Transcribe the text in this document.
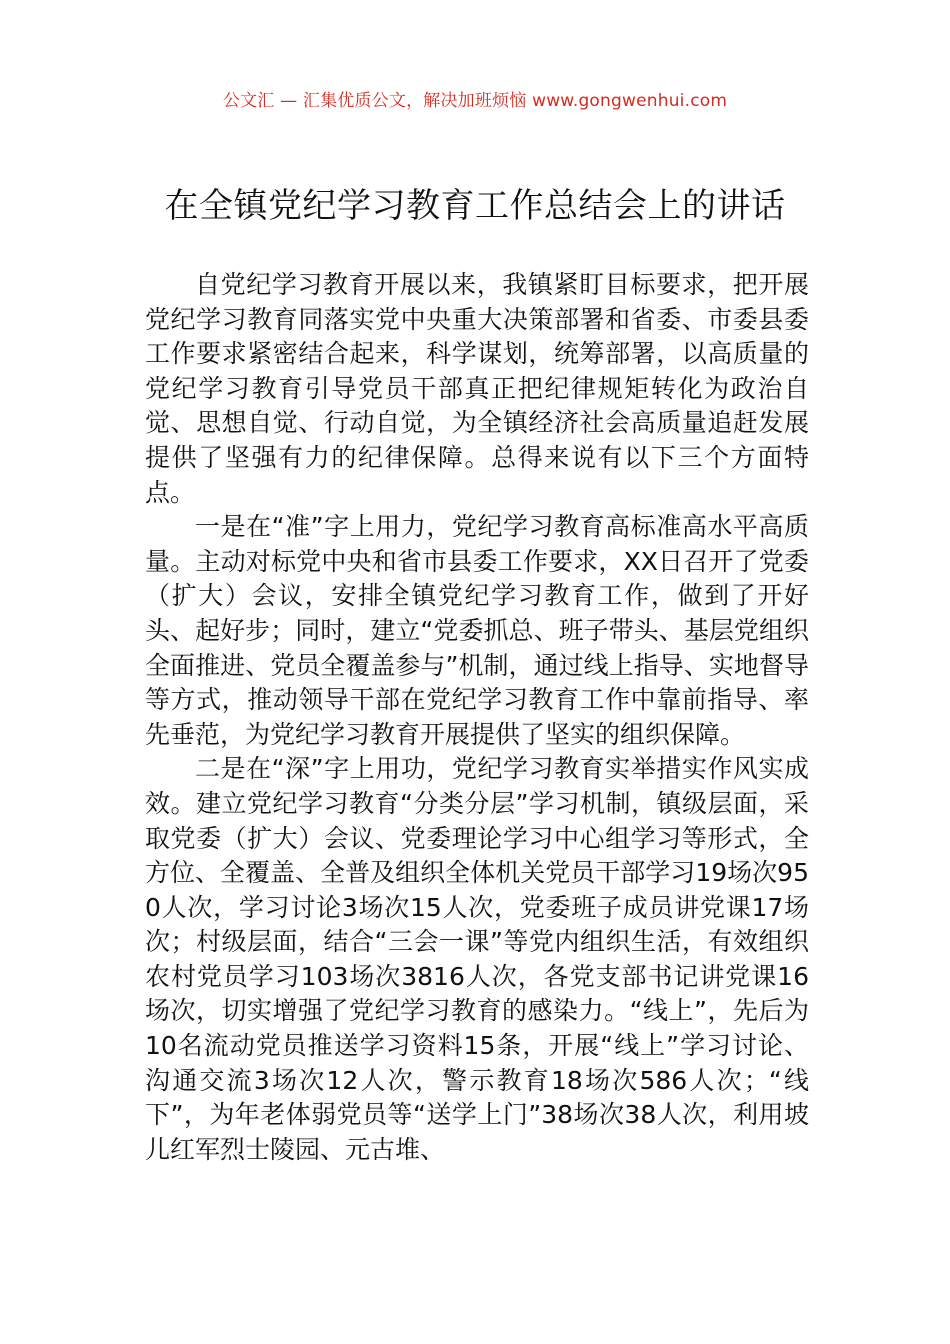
公文汇 — 汇集优质公文，解决加班烦恼 www.gongwenhui.com
在全镇党纪学习教育工作总结会上的讲话

自党纪学习教育开展以来，我镇紧盯目标要求，把开展党纪学习教育同落实党中央重大决策部署和省委、市委县委工作要求紧密结合起来，科学谋划，统筹部署，以高质量的党纪学习教育引导党员干部真正把纪律规矩转化为政治自觉、思想自觉、行动自觉，为全镇经济社会高质量追赶发展提供了坚强有力的纪律保障。总得来说有以下三个方面特点。

一是在“准”字上用力，党纪学习教育高标准高水平高质量。主动对标党中央和省市县委工作要求，XX日召开了党委（扩大）会议，安排全镇党纪学习教育工作，做到了开好头、起好步；同时，建立“党委抓总、班子带头、基层党组织全面推进、党员全覆盖参与”机制，通过线上指导、实地督导等方式，推动领导干部在党纪学习教育工作中靠前指导、率先垂范，为党纪学习教育开展提供了坚实的组织保障。

二是在“深”字上用功，党纪学习教育实举措实作风实成效。建立党纪学习教育“分类分层”学习机制，镇级层面，采取党委（扩大）会议、党委理论学习中心组学习等形式，全方位、全覆盖、全普及组织全体机关党员干部学习19场次950人次，学习讨论3场次15人次，党委班子成员讲党课17场次；村级层面，结合“三会一课”等党内组织生活，有效组织农村党员学习103场次3816人次，各党支部书记讲党课16场次，切实增强了党纪学习教育的感染力。“线上”，先后为10名流动党员推送学习资料15条，开展“线上”学习讨论、沟通交流3场次12人次，警示教育18场次586人次；“线下”，为年老体弱党员等“送学上门”38场次38人次，利用坡儿红军烈士陵园、元古堆、
